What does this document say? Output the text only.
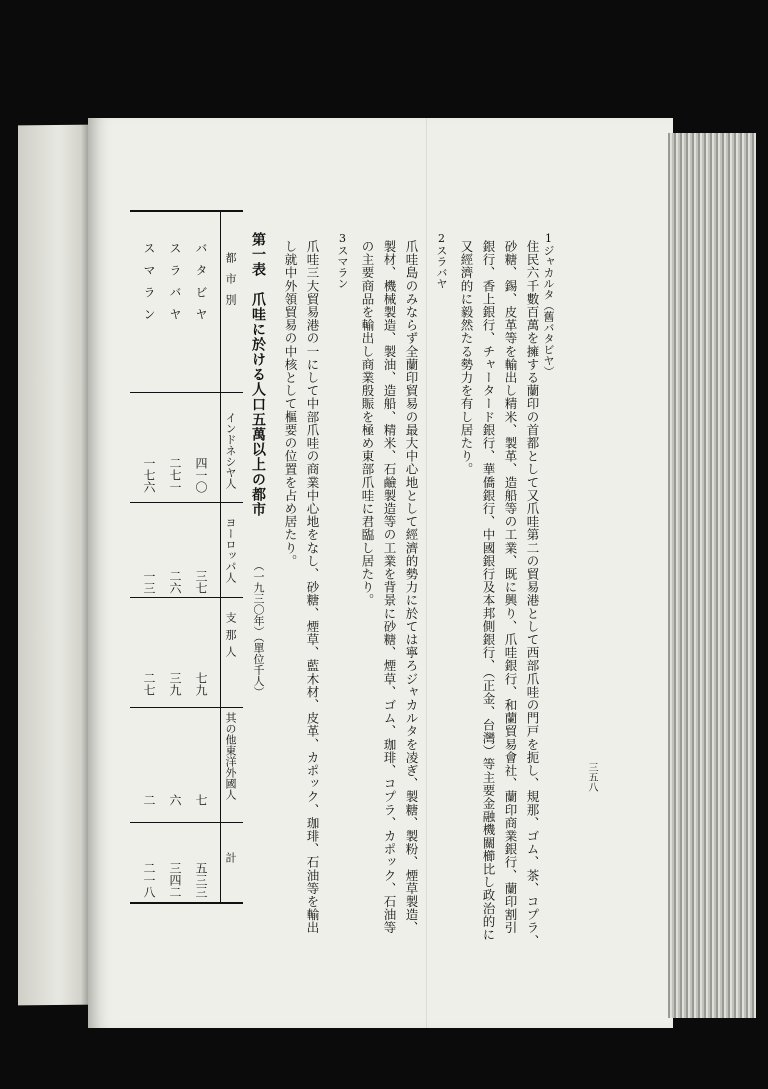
三五八
1ジャカルタ（舊バタビヤ）
住民六千數百萬を擁する蘭印の首都として又爪哇第二の貿易港として西部爪哇の門戸を扼し、規那、ゴム、茶、コプラ、
砂糖、錫、皮革等を輸出し精米、製革、造船等の工業、既に興り、爪哇銀行、和蘭貿易會社、蘭印商業銀行、蘭印割引
銀行、香上銀行、チャータード銀行、華僑銀行、中國銀行及本邦側銀行、（正金、台灣）等主要金融機關櫛比し政治的に
又經濟的に毅然たる勢力を有し居たり。
2スラバヤ
爪哇島のみならず全蘭印貿易の最大中心地として經濟的勢力に於ては寧ろジャカルタを凌ぎ、製糖、製粉、煙草製造、
製材、機械製造、製油、造船、精米、石鹼製造等の工業を背景に砂糖、煙草、ゴム、珈琲、コプラ、カポック、石油等
の主要商品を輸出し商業殷賑を極め東部爪哇に君臨し居たり。
3スマラン
爪哇三大貿易港の一にして中部爪哇の商業中心地をなし、砂糖、煙草、藍木材、皮革、カポック、珈琲、石油等を輸出
し就中外領貿易の中核として樞要の位置を占め居たり。
第一表　爪哇に於ける人口五萬以上の都市
（一九三〇年）（單位千人）
都市別
インドネシヤ人
ヨーロッパ人
支那人
其の他東洋外國人
計
バタビヤ
四一〇
三七
七九
七
五三三
スラバヤ
二七一
二六
三九
六
三四二
スマラン
一七六
一三
二七
二
二一八
